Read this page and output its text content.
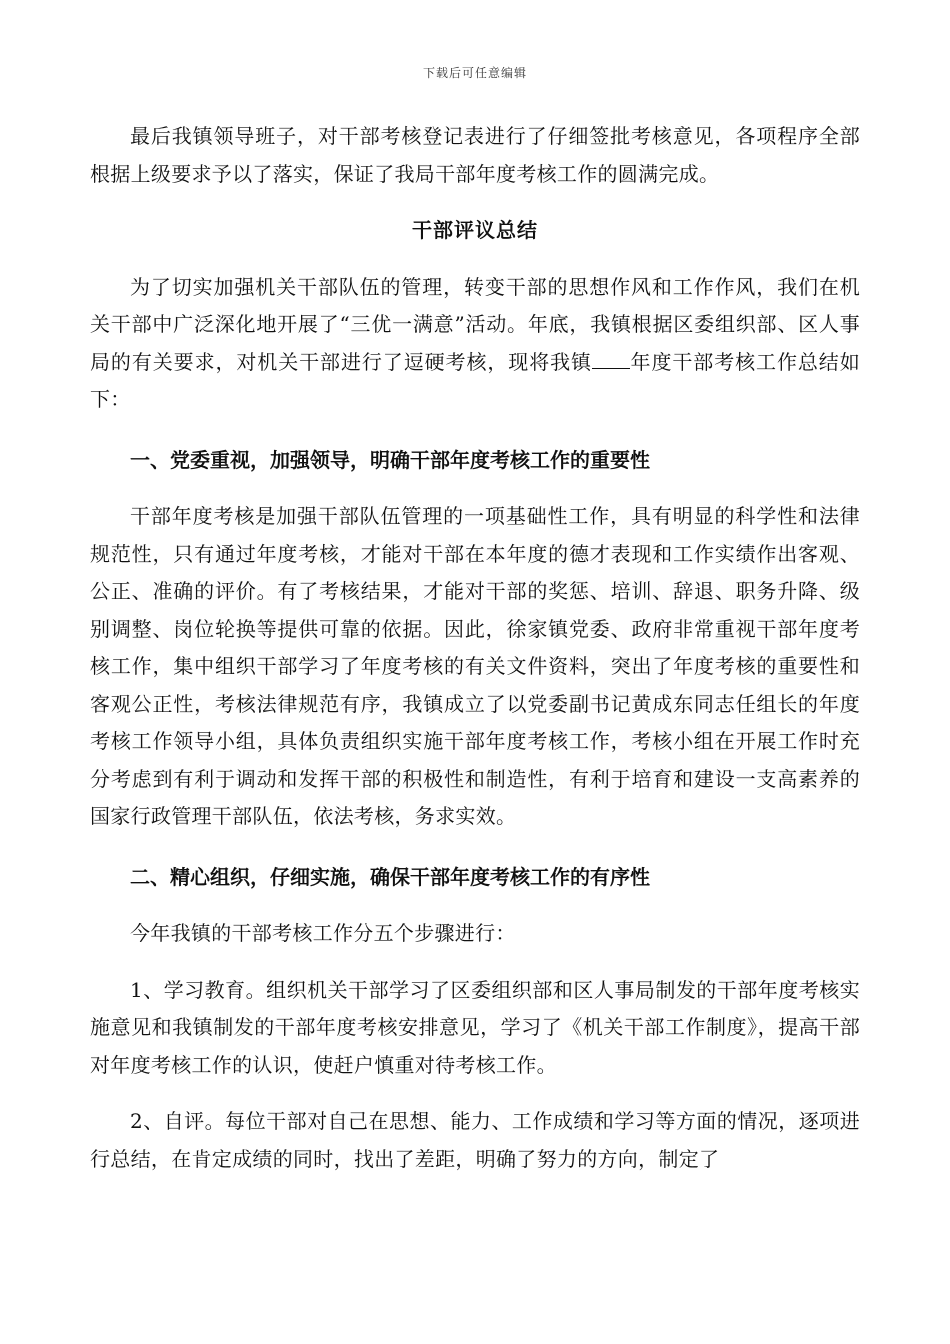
下载后可任意编辑

最后我镇领导班子，对干部考核登记表进行了仔细签批考核意见，各项程序全部根据上级要求予以了落实，保证了我局干部年度考核工作的圆满完成。

干部评议总结

为了切实加强机关干部队伍的管理，转变干部的思想作风和工作作风，我们在机关干部中广泛深化地开展了“三优一满意”活动。年底，我镇根据区委组织部、区人事局的有关要求，对机关干部进行了逗硬考核，现将我镇 年度干部考核工作总结如下：

一、党委重视，加强领导，明确干部年度考核工作的重要性

干部年度考核是加强干部队伍管理的一项基础性工作，具有明显的科学性和法律规范性，只有通过年度考核，才能对干部在本年度的德才表现和工作实绩作出客观、公正、准确的评价。有了考核结果，才能对干部的奖惩、培训、辞退、职务升降、级别调整、岗位轮换等提供可靠的依据。因此，徐家镇党委、政府非常重视干部年度考核工作，集中组织干部学习了年度考核的有关文件资料，突出了年度考核的重要性和客观公正性，考核法律规范有序，我镇成立了以党委副书记黄成东同志任组长的年度考核工作领导小组，具体负责组织实施干部年度考核工作，考核小组在开展工作时充分考虑到有利于调动和发挥干部的积极性和制造性，有利于培育和建设一支高素养的国家行政管理干部队伍，依法考核，务求实效。

二、精心组织，仔细实施，确保干部年度考核工作的有序性

今年我镇的干部考核工作分五个步骤进行：

1、学习教育。组织机关干部学习了区委组织部和区人事局制发的干部年度考核实施意见和我镇制发的干部年度考核安排意见，学习了《机关干部工作制度》，提高干部对年度考核工作的认识，使赶户慎重对待考核工作。

2、自评。每位干部对自己在思想、能力、工作成绩和学习等方面的情况，逐项进行总结，在肯定成绩的同时，找出了差距，明确了努力的方向，制定了
